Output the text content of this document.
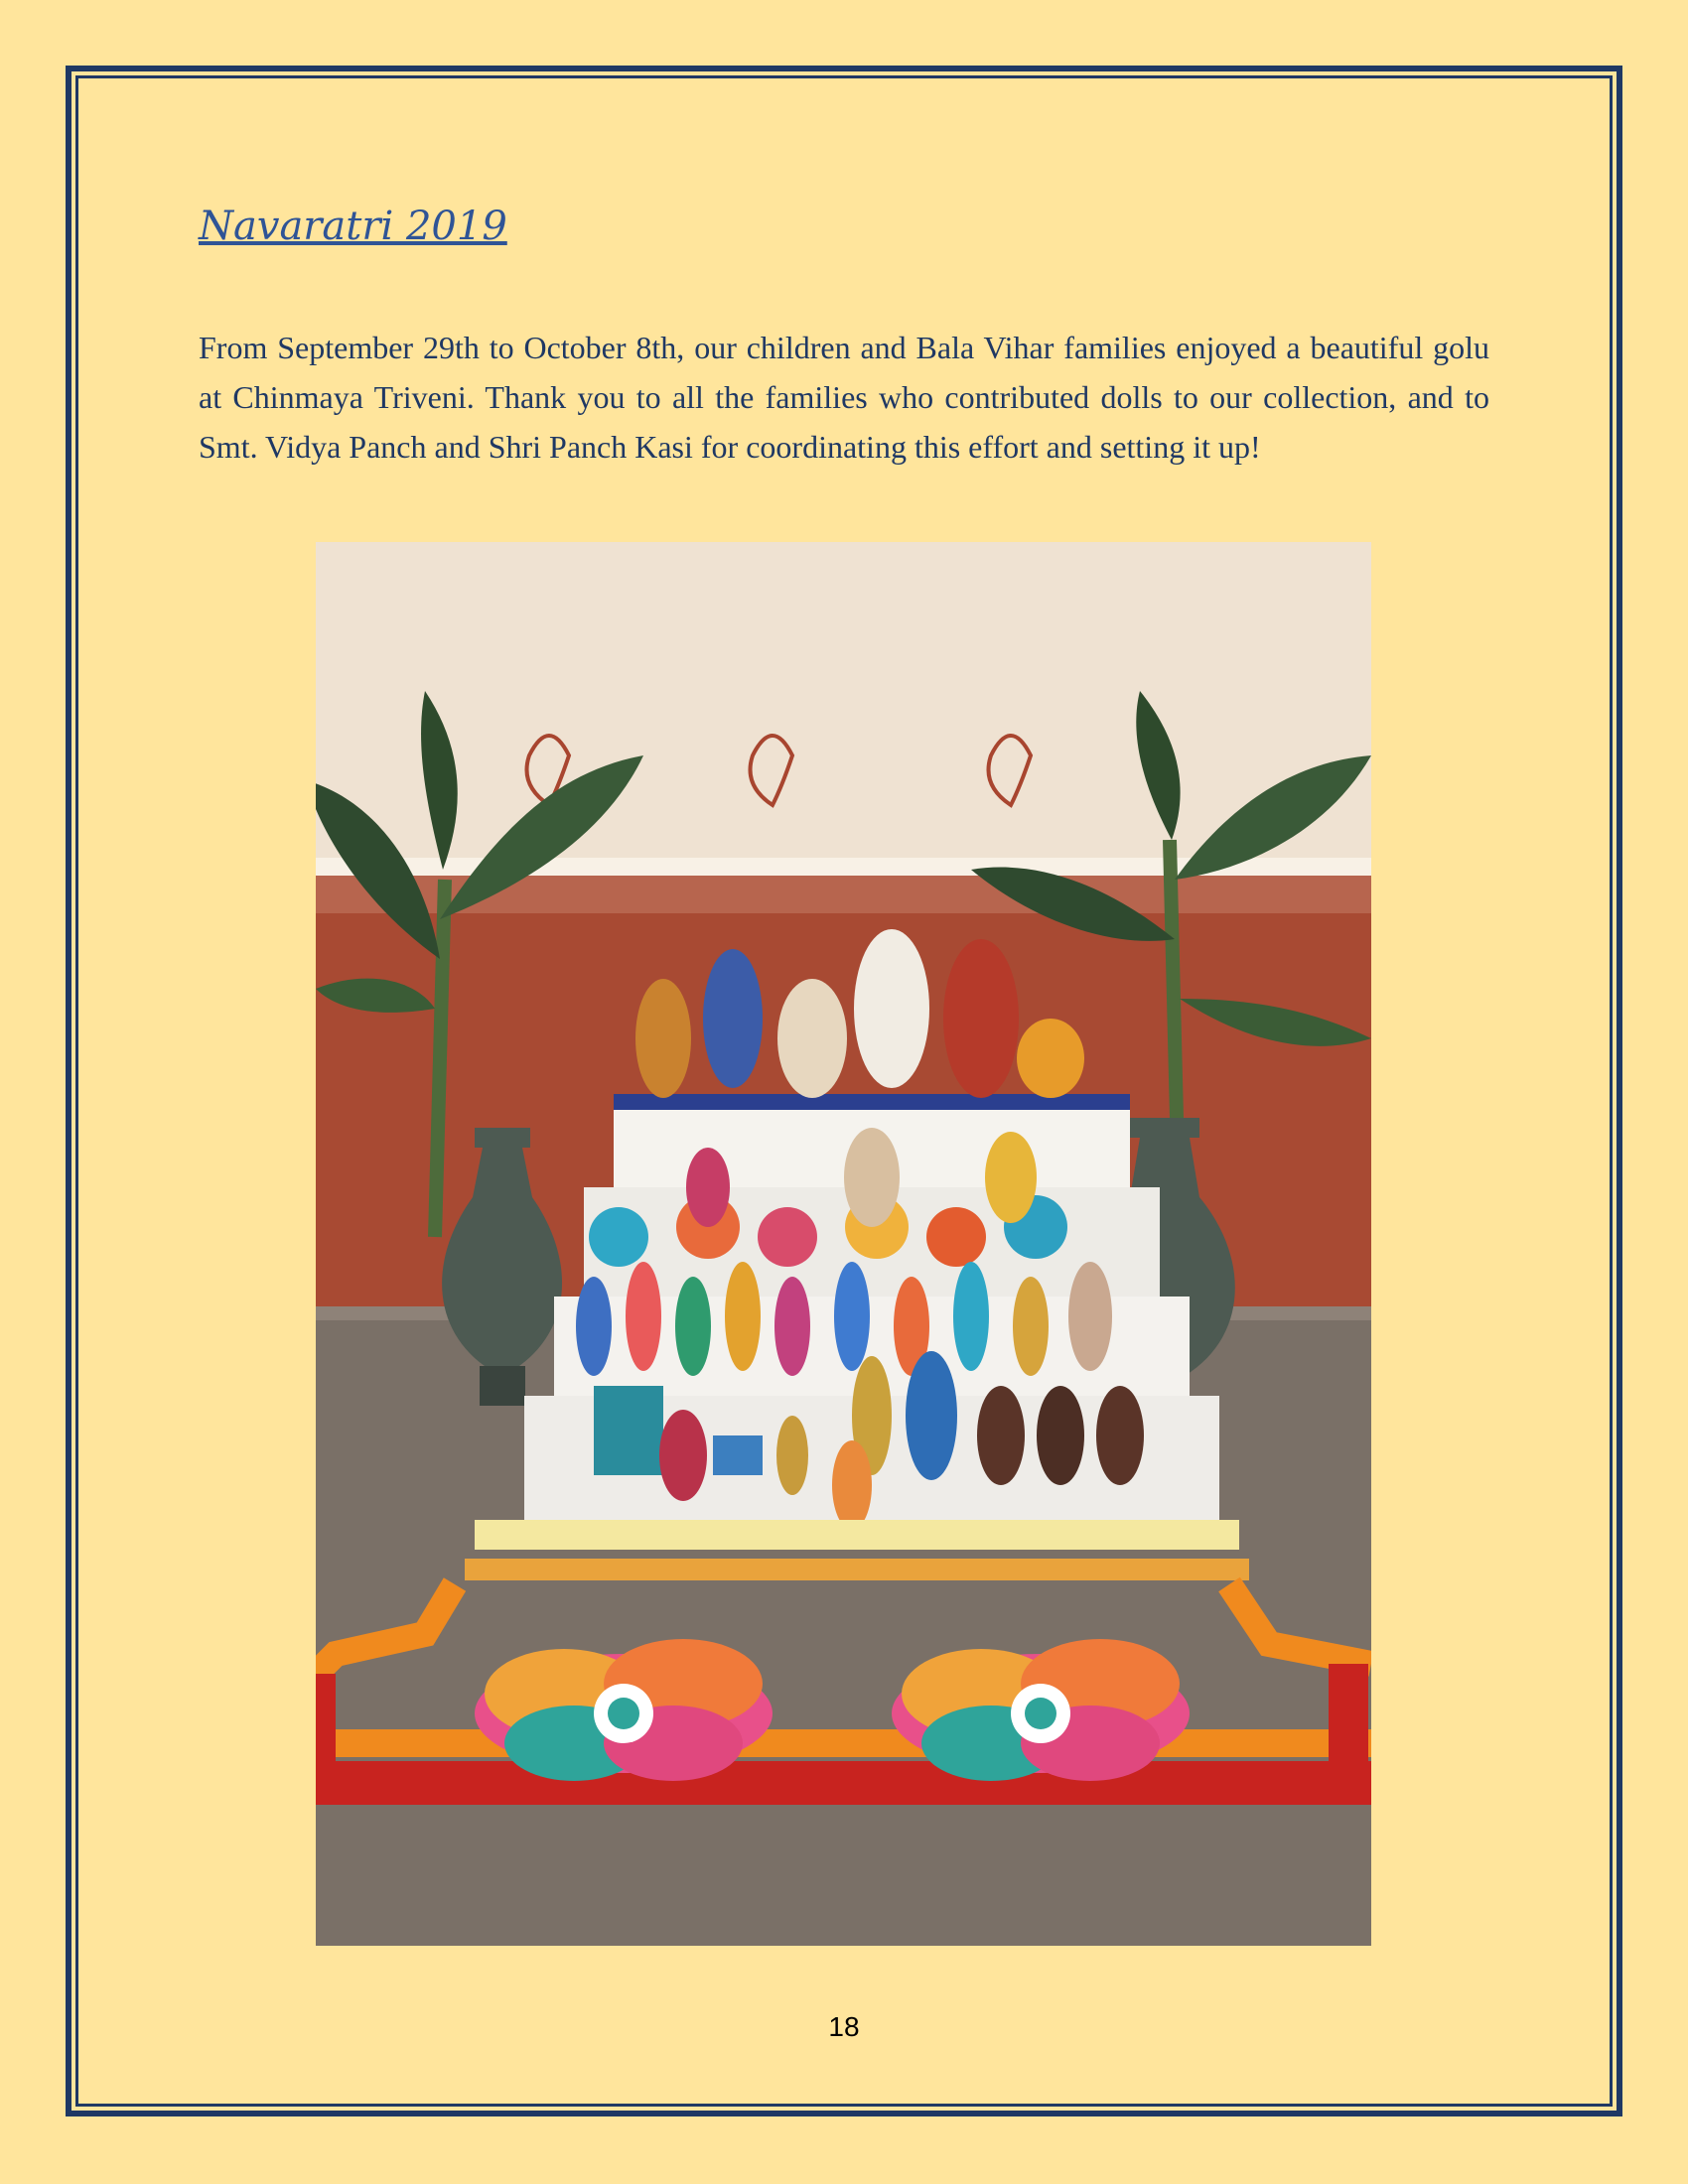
Navaratri 2019
From September 29th to October 8th, our children and Bala Vihar families enjoyed a beautiful golu at Chinmaya Triveni. Thank you to all the families who contributed dolls to our collection, and to Smt. Vidya Panch and Shri Panch Kasi for coordinating this effort and setting it up!
18
